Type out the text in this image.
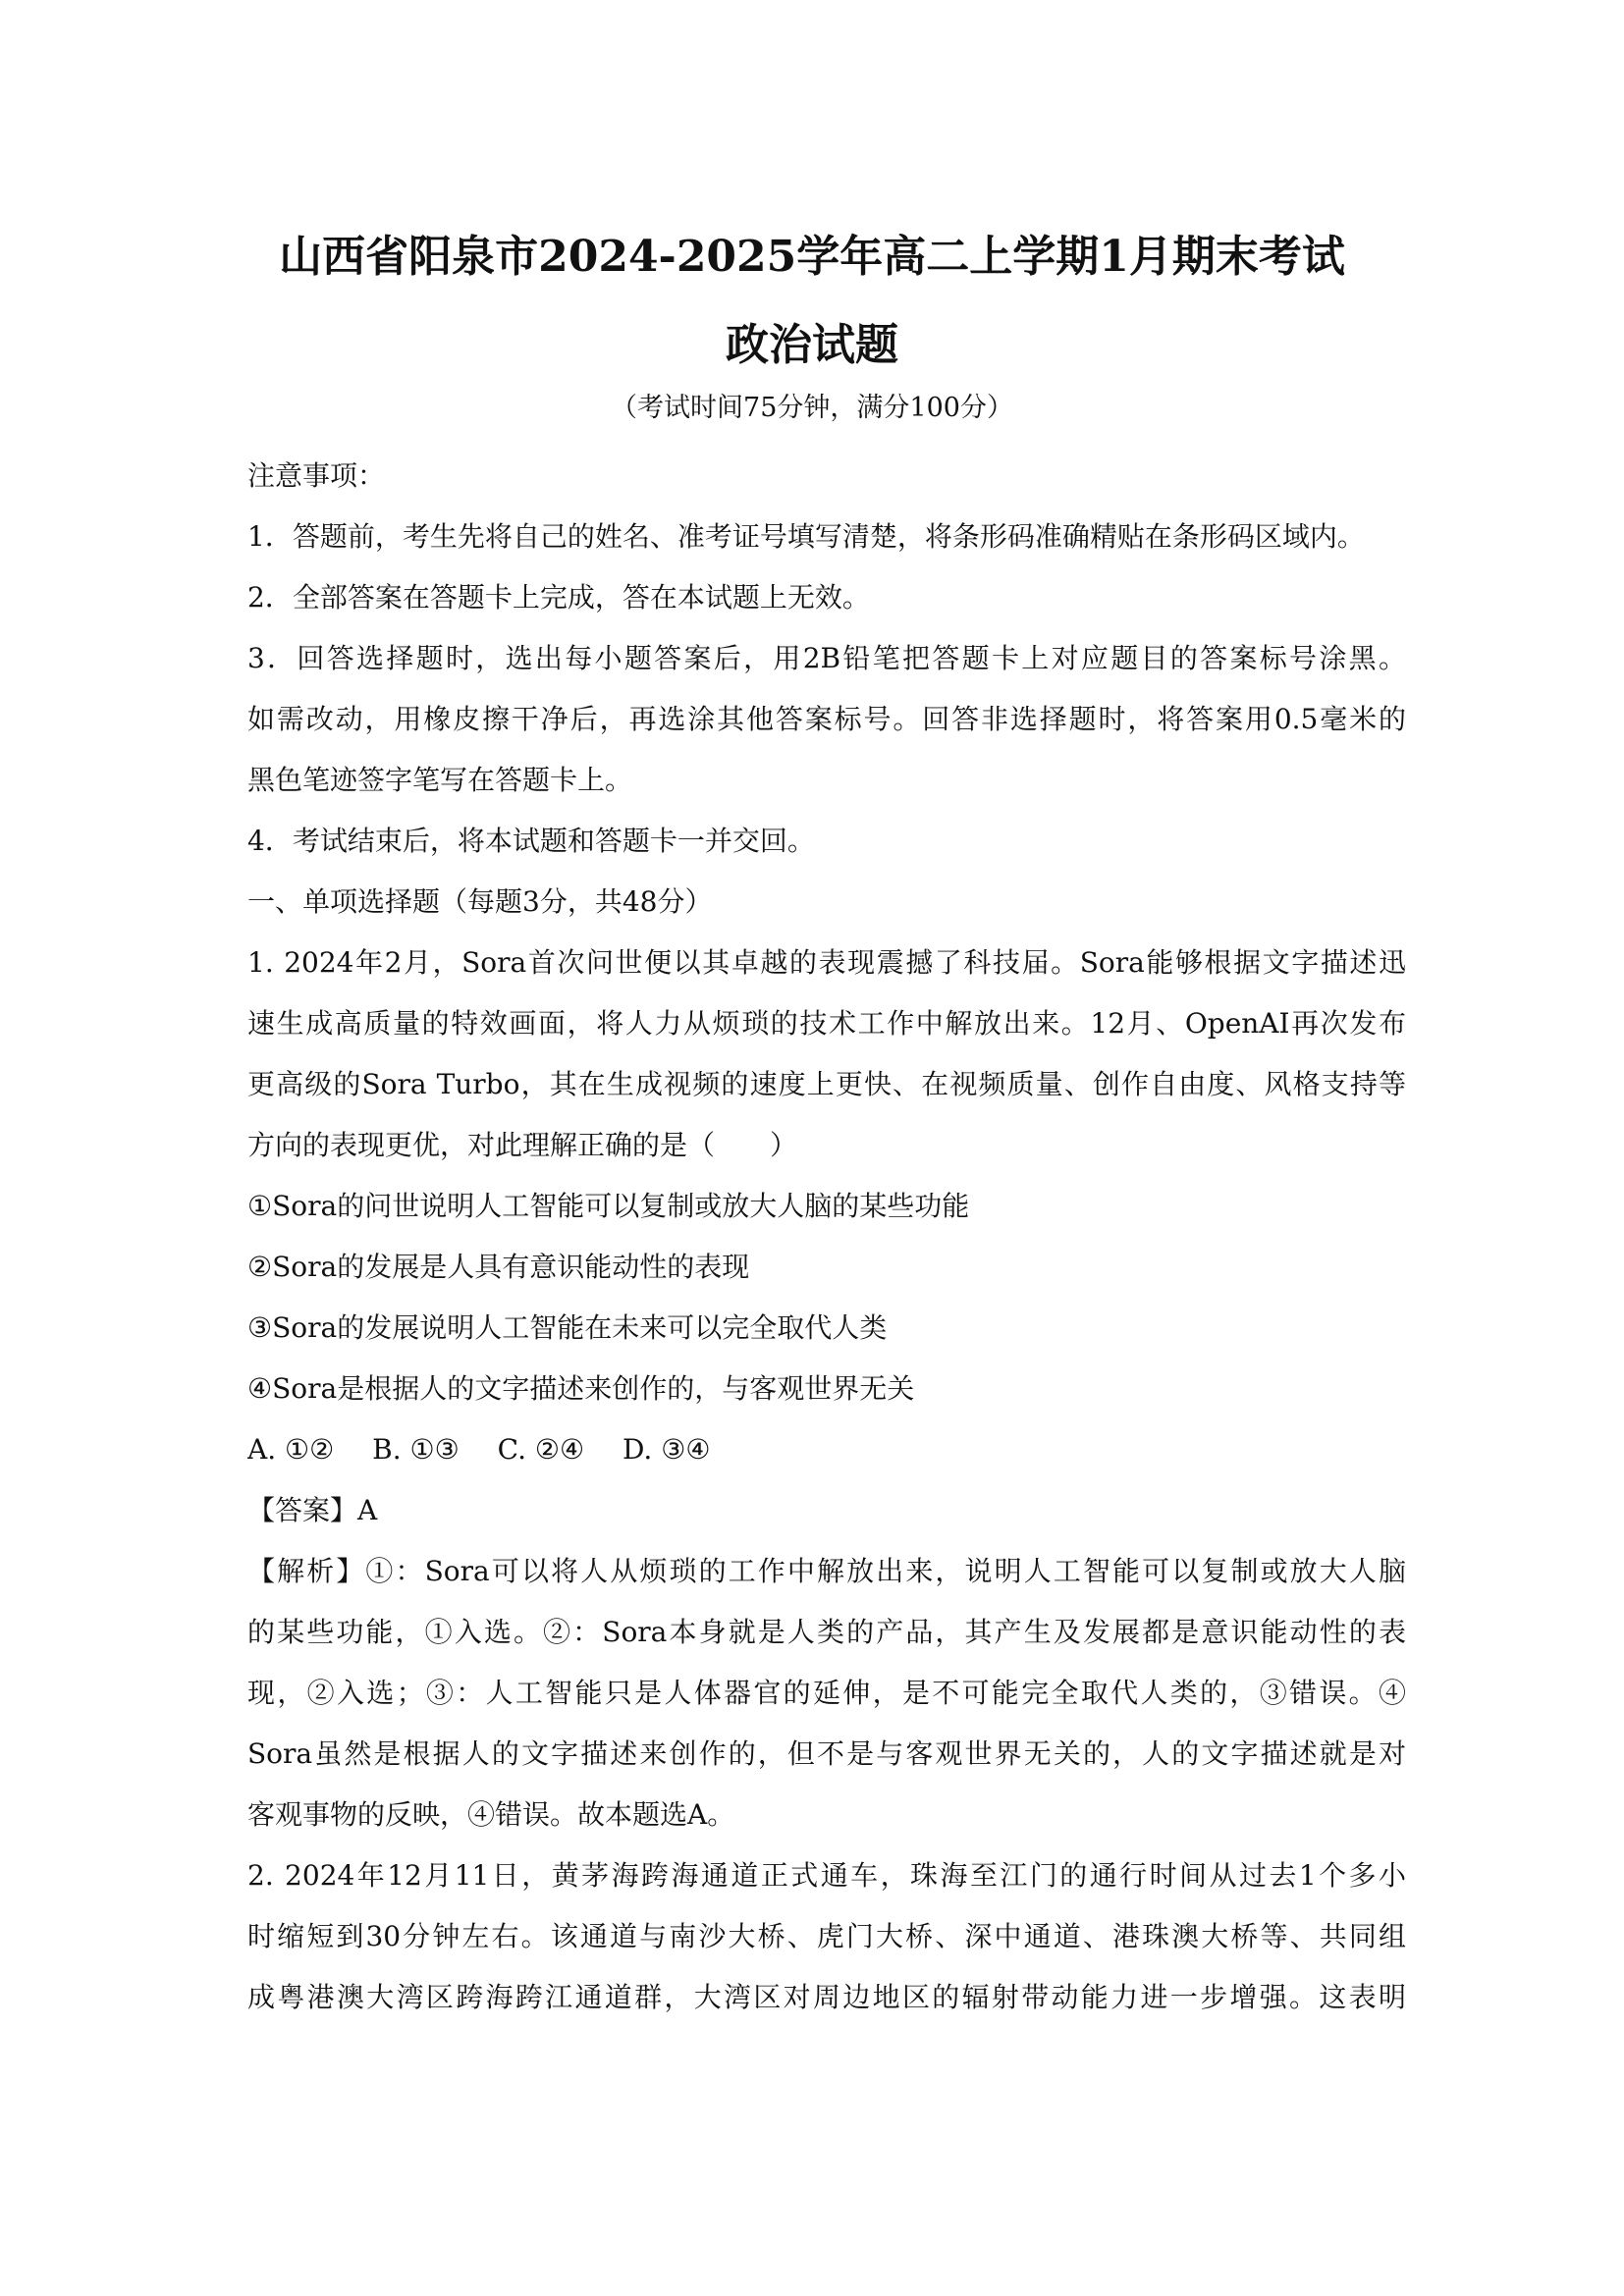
山西省阳泉市2024-2025学年高二上学期1月期末考试
政治试题
（考试时间75分钟，满分100分）
注意事项：
1．答题前，考生先将自己的姓名、准考证号填写清楚，将条形码准确精贴在条形码区域内。
2．全部答案在答题卡上完成，答在本试题上无效。
3．回答选择题时，选出每小题答案后，用2B铅笔把答题卡上对应题目的答案标号涂黑。
如需改动，用橡皮擦干净后，再选涂其他答案标号。回答非选择题时，将答案用0.5毫米的
黑色笔迹签字笔写在答题卡上。
4．考试结束后，将本试题和答题卡一并交回。
一、单项选择题（每题3分，共48分）
1. 2024年2月，Sora首次问世便以其卓越的表现震撼了科技届。Sora能够根据文字描述迅
速生成高质量的特效画面，将人力从烦琐的技术工作中解放出来。12月、OpenAI再次发布
更高级的Sora Turbo，其在生成视频的速度上更快、在视频质量、创作自由度、风格支持等
方向的表现更优，对此理解正确的是（　　）
①Sora的问世说明人工智能可以复制或放大人脑的某些功能
②Sora的发展是人具有意识能动性的表现
③Sora的发展说明人工智能在未来可以完全取代人类
④Sora是根据人的文字描述来创作的，与客观世界无关
A. ①② B. ①③ C. ②④ D. ③④
【答案】A
【解析】①：Sora可以将人从烦琐的工作中解放出来，说明人工智能可以复制或放大人脑
的某些功能，①入选。②：Sora本身就是人类的产品，其产生及发展都是意识能动性的表
现，②入选；③：人工智能只是人体器官的延伸，是不可能完全取代人类的，③错误。④
Sora虽然是根据人的文字描述来创作的，但不是与客观世界无关的，人的文字描述就是对
客观事物的反映，④错误。故本题选A。
2. 2024年12月11日，黄茅海跨海通道正式通车，珠海至江门的通行时间从过去1个多小
时缩短到30分钟左右。该通道与南沙大桥、虎门大桥、深中通道、港珠澳大桥等、共同组
成粤港澳大湾区跨海跨江通道群，大湾区对周边地区的辐射带动能力进一步增强。这表明
